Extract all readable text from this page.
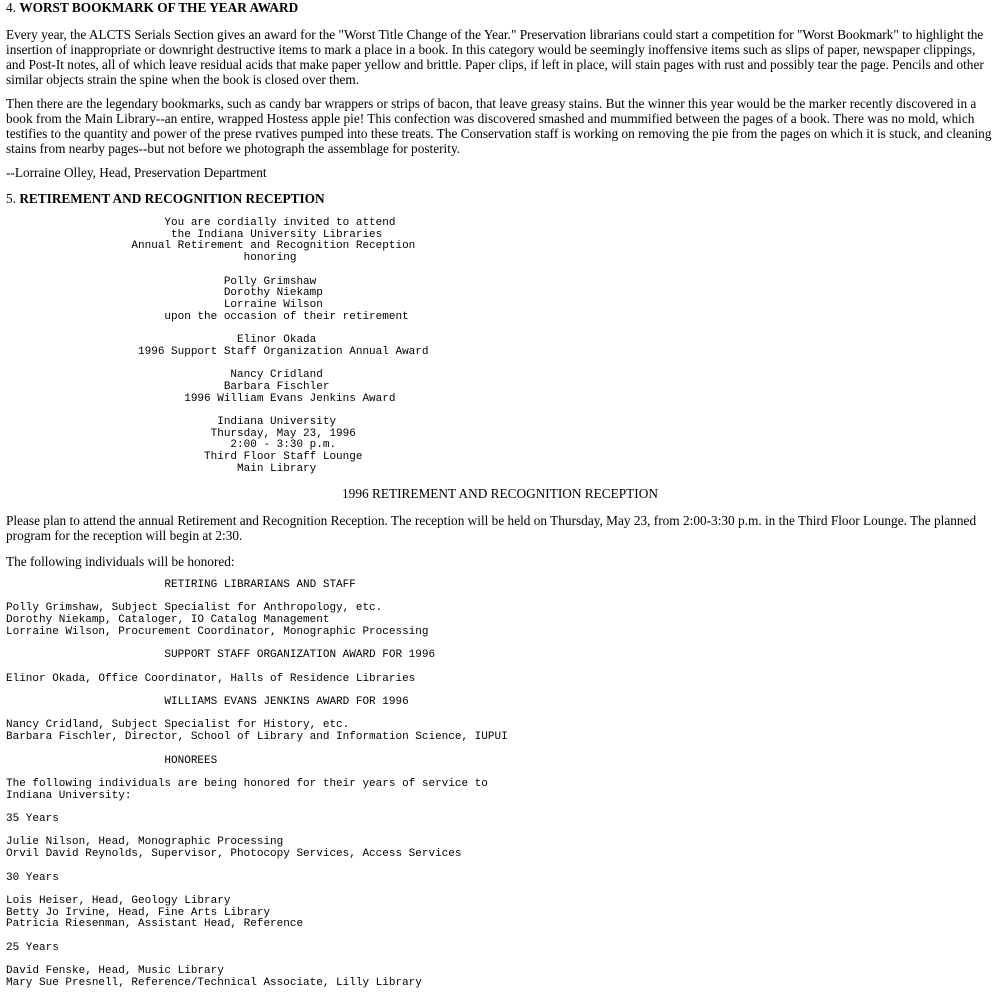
4. WORST BOOKMARK OF THE YEAR AWARD

Every year, the ALCTS Serials Section gives an award for the "Worst Title Change of the Year." Preservation librarians could start a competition for "Worst Bookmark" to highlight the insertion of inappropriate or downright destructive items to mark a place in a book. In this category would be seemingly inoffensive items such as slips of paper, newspaper clippings, and Post-It notes, all of which leave residual acids that make paper yellow and brittle. Paper clips, if left in place, will stain pages with rust and possibly tear the page. Pencils and other similar objects strain the spine when the book is closed over them.

Then there are the legendary bookmarks, such as candy bar wrappers or strips of bacon, that leave greasy stains. But the winner this year would be the marker recently discovered in a book from the Main Library--an entire, wrapped Hostess apple pie! This confection was discovered smashed and mummified between the pages of a book. There was no mold, which testifies to the quantity and power of the prese rvatives pumped into these treats. The Conservation staff is working on removing the pie from the pages on which it is stuck, and cleaning stains from nearby pages--but not before we photograph the assemblage for posterity.

--Lorraine Olley, Head, Preservation Department

5. RETIREMENT AND RECOGNITION RECEPTION
You are cordially invited to attend
the Indiana University Libraries
Annual Retirement and Recognition Reception
honoring

Polly Grimshaw
Dorothy Niekamp
Lorraine Wilson
upon the occasion of their retirement

Elinor Okada
1996 Support Staff Organization Annual Award

Nancy Cridland
Barbara Fischler
1996 William Evans Jenkins Award

Indiana University
Thursday, May 23, 1996
2:00 - 3:30 p.m.
Third Floor Staff Lounge
Main Library
1996 RETIREMENT AND RECOGNITION RECEPTION

Please plan to attend the annual Retirement and Recognition Reception. The reception will be held on Thursday, May 23, from 2:00-3:30 p.m. in the Third Floor Lounge. The planned program for the reception will begin at 2:30.

The following individuals will be honored:

RETIRING LIBRARIANS AND STAFF

Polly Grimshaw, Subject Specialist for Anthropology, etc.
Dorothy Niekamp, Cataloger, IO Catalog Management
Lorraine Wilson, Procurement Coordinator, Monographic Processing

SUPPORT STAFF ORGANIZATION AWARD FOR 1996

Elinor Okada, Office Coordinator, Halls of Residence Libraries

WILLIAMS EVANS JENKINS AWARD FOR 1996

Nancy Cridland, Subject Specialist for History, etc.
Barbara Fischler, Director, School of Library and Information Science, IUPUI

HONOREES

The following individuals are being honored for their years of service to
Indiana University:

35 Years

Julie Nilson, Head, Monographic Processing
Orvil David Reynolds, Supervisor, Photocopy Services, Access Services

30 Years

Lois Heiser, Head, Geology Library
Betty Jo Irvine, Head, Fine Arts Library
Patricia Riesenman, Assistant Head, Reference

25 Years

David Fenske, Head, Music Library
Mary Sue Presnell, Reference/Technical Associate, Lilly Library
